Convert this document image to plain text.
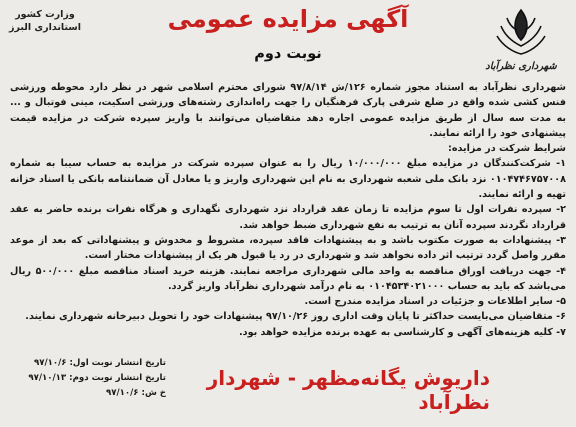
شهرداری نظرآباد
وزارت کشور
استانداری البرز	آگهی مزایده عمومی
نوبت دوم

شهرداری نظرآباد به استناد مجوز شماره ۱۲۶/ش ۹۷/۸/۱۴ شورای محترم اسلامی شهر در نظر دارد محوطه ورزشی فنس کشی شده واقع در ضلع شرقی پارک فرهنگیان را جهت راه‌اندازی رشته‌های ورزشی اسکیت، مینی فوتبال و ... به مدت سه سال از طریق مزایده عمومی اجاره دهد متقاضیان می‌توانند با واریز سپرده شرکت در مزایده قیمت پیشنهادی خود را ارائه نمایند.

شرایط شرکت در مزایده:

۱- شرکت‌کنندگان در مزایده مبلغ ۱۰/۰۰۰/۰۰۰ ریال را به عنوان سپرده شرکت در مزایده به حساب سیبا به شماره ۰۱۰۴۷۴۶۷۵۷۰۰۸ نزد بانک ملی شعبه شهرداری به نام این شهرداری واریز و یا معادل آن ضمانتنامه بانکی یا اسناد خزانه تهیه و ارائه نمایند.

۲- سپرده نفرات اول تا سوم مزایده تا زمان عقد قرارداد نزد شهرداری نگهداری و هرگاه نفرات برنده حاضر به عقد قرارداد نگردند سپرده آنان به ترتیب به نفع شهرداری ضبط خواهد شد.

۳- پیشنهادات به صورت مکتوب باشد و به پیشنهادات فاقد سپرده، مشروط و مخدوش و پیشنهاداتی که بعد از موعد مقرر واصل گردد ترتیب اثر داده نخواهد شد و شهرداری در رد یا قبول هر یک از پیشنهادات مختار است.

۴- جهت دریافت اوراق مناقصه به واحد مالی شهرداری مراجعه نمایند. هزینه خرید اسناد مناقصه مبلغ ۵۰۰/۰۰۰ ریال می‌باشد که باید به حساب ۰۱۰۴۵۳۴۰۲۱۰۰۰ به نام درآمد شهرداری نظرآباد واریز گردد.

۵- سایر اطلاعات و جزئیات در اسناد مزایده مندرج است.

۶- متقاضیان می‌بایست حداکثر تا پایان وقت اداری روز ۹۷/۱۰/۲۶ پیشنهادات خود را تحویل دبیرخانه شهرداری نمایند.

۷- کلیه هزینه‌های آگهی و کارشناسی به عهده برنده مزایده خواهد بود.

تاریخ انتشار نوبت اول: ۹۷/۱۰/۶
تاریخ انتشار نوبت دوم: ۹۷/۱۰/۱۳
خ ش: ۹۷/۱۰/۶
داریوش یگانه‌مظهر - شهردار نظرآباد
